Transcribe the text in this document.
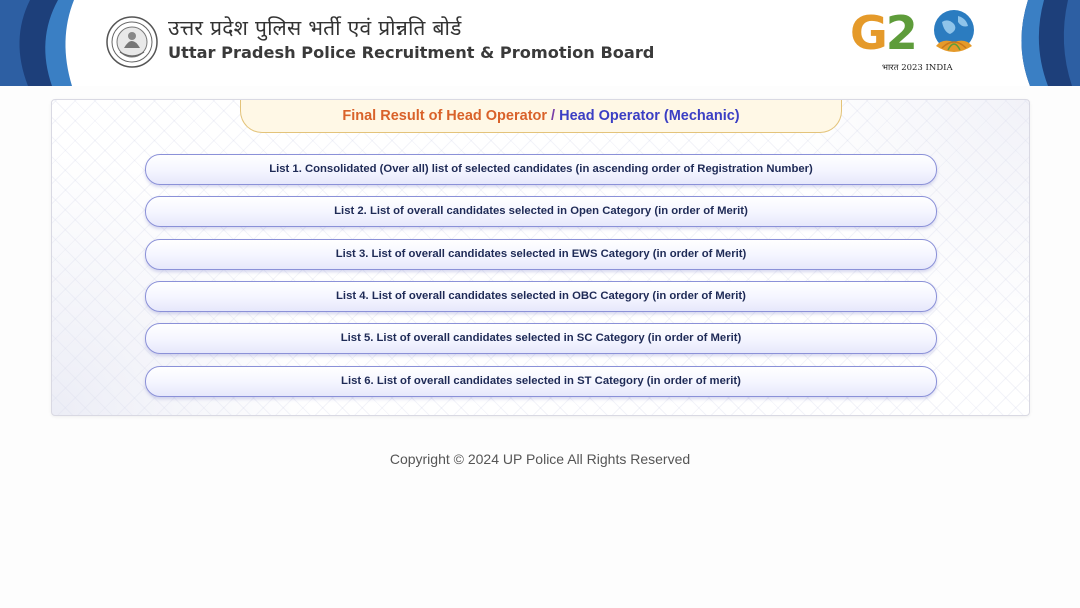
उत्तर प्रदेश पुलिस भर्ती एवं प्रोन्नति बोर्ड
Uttar Pradesh Police Recruitment & Promotion Board	G2
भारत 2023 INDIA
Final Result of Head Operator / Head Operator (Mechanic)
List 1. Consolidated (Over all) list of selected candidates (in ascending order of Registration Number)
List 2. List of overall candidates selected in Open Category (in order of Merit)
List 3. List of overall candidates selected in EWS Category (in order of Merit)
List 4. List of overall candidates selected in OBC Category (in order of Merit)
List 5. List of overall candidates selected in SC Category (in order of Merit)
List 6. List of overall candidates selected in ST Category (in order of merit)
Copyright © 2024 UP Police All Rights Reserved
